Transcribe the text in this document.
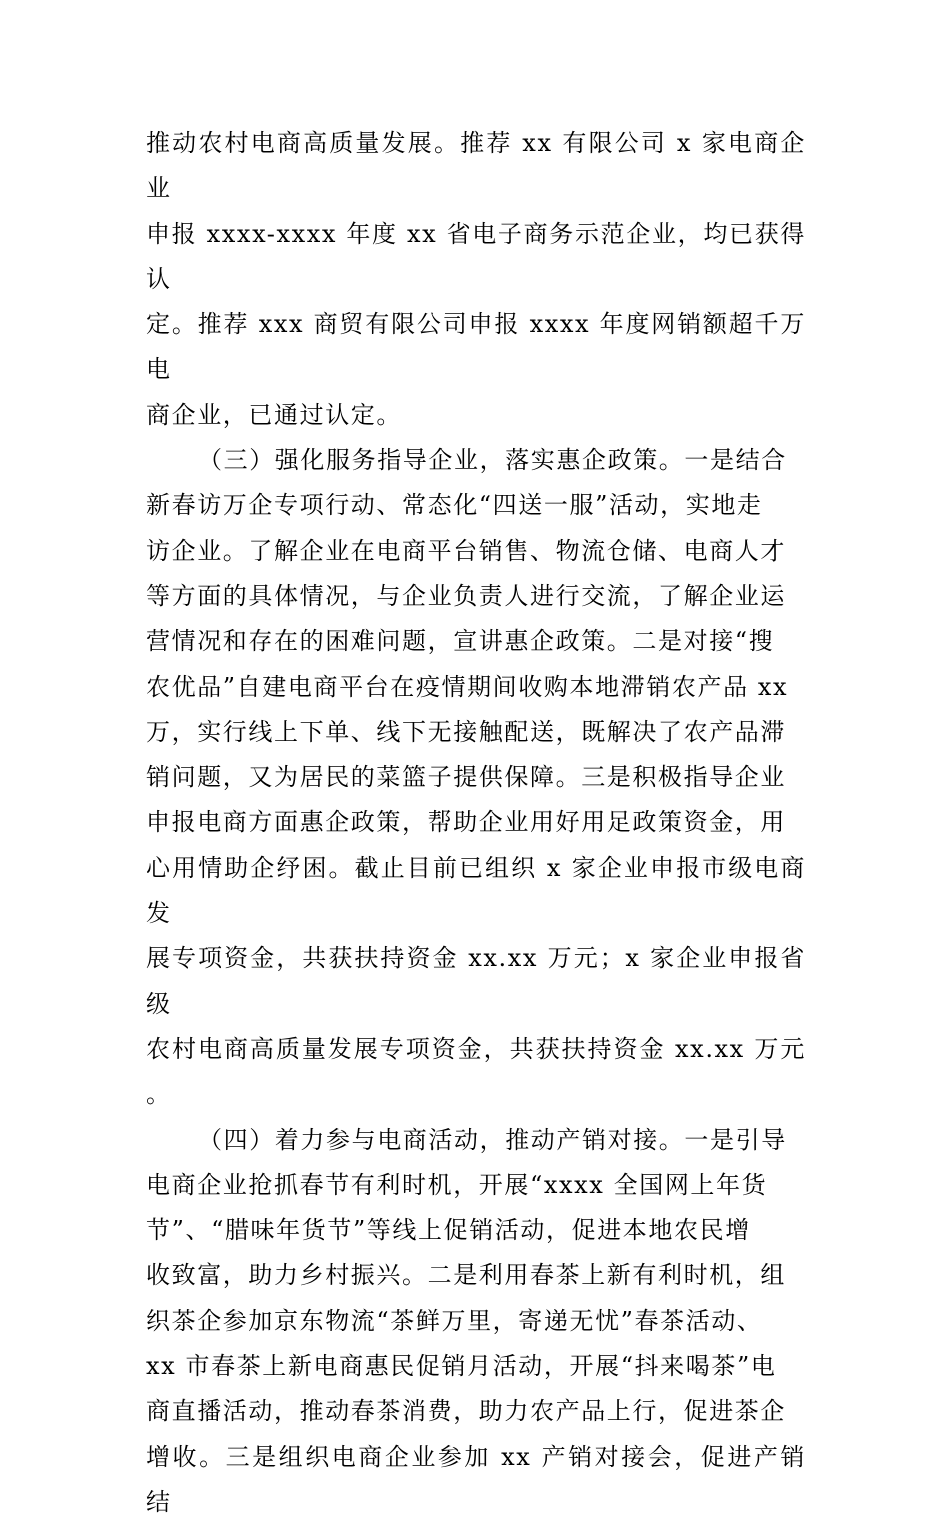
推动农村电商高质量发展。推荐 xx 有限公司 x 家电商企业
申报 xxxx-xxxx 年度 xx 省电子商务示范企业，均已获得认
定。推荐 xxx 商贸有限公司申报 xxxx 年度网销额超千万电
商企业，已通过认定。

（三）强化服务指导企业，落实惠企政策。一是结合
新春访万企专项行动、常态化“四送一服”活动，实地走
访企业。了解企业在电商平台销售、物流仓储、电商人才
等方面的具体情况，与企业负责人进行交流，了解企业运
营情况和存在的困难问题，宣讲惠企政策。二是对接“搜
农优品”自建电商平台在疫情期间收购本地滞销农产品 xx
万，实行线上下单、线下无接触配送，既解决了农产品滞
销问题，又为居民的菜篮子提供保障。三是积极指导企业
申报电商方面惠企政策，帮助企业用好用足政策资金，用
心用情助企纾困。截止目前已组织 x 家企业申报市级电商发
展专项资金，共获扶持资金 xx.xx 万元；x 家企业申报省级
农村电商高质量发展专项资金，共获扶持资金 xx.xx 万元。

（四）着力参与电商活动，推动产销对接。一是引导
电商企业抢抓春节有利时机，开展“xxxx 全国网上年货
节”、“腊味年货节”等线上促销活动，促进本地农民增
收致富，助力乡村振兴。二是利用春茶上新有利时机，组
织茶企参加京东物流“茶鲜万里，寄递无忧”春茶活动、
xx 市春茶上新电商惠民促销月活动，开展“抖来喝茶”电
商直播活动，推动春茶消费，助力农产品上行，促进茶企
增收。三是组织电商企业参加 xx 产销对接会，促进产销结
